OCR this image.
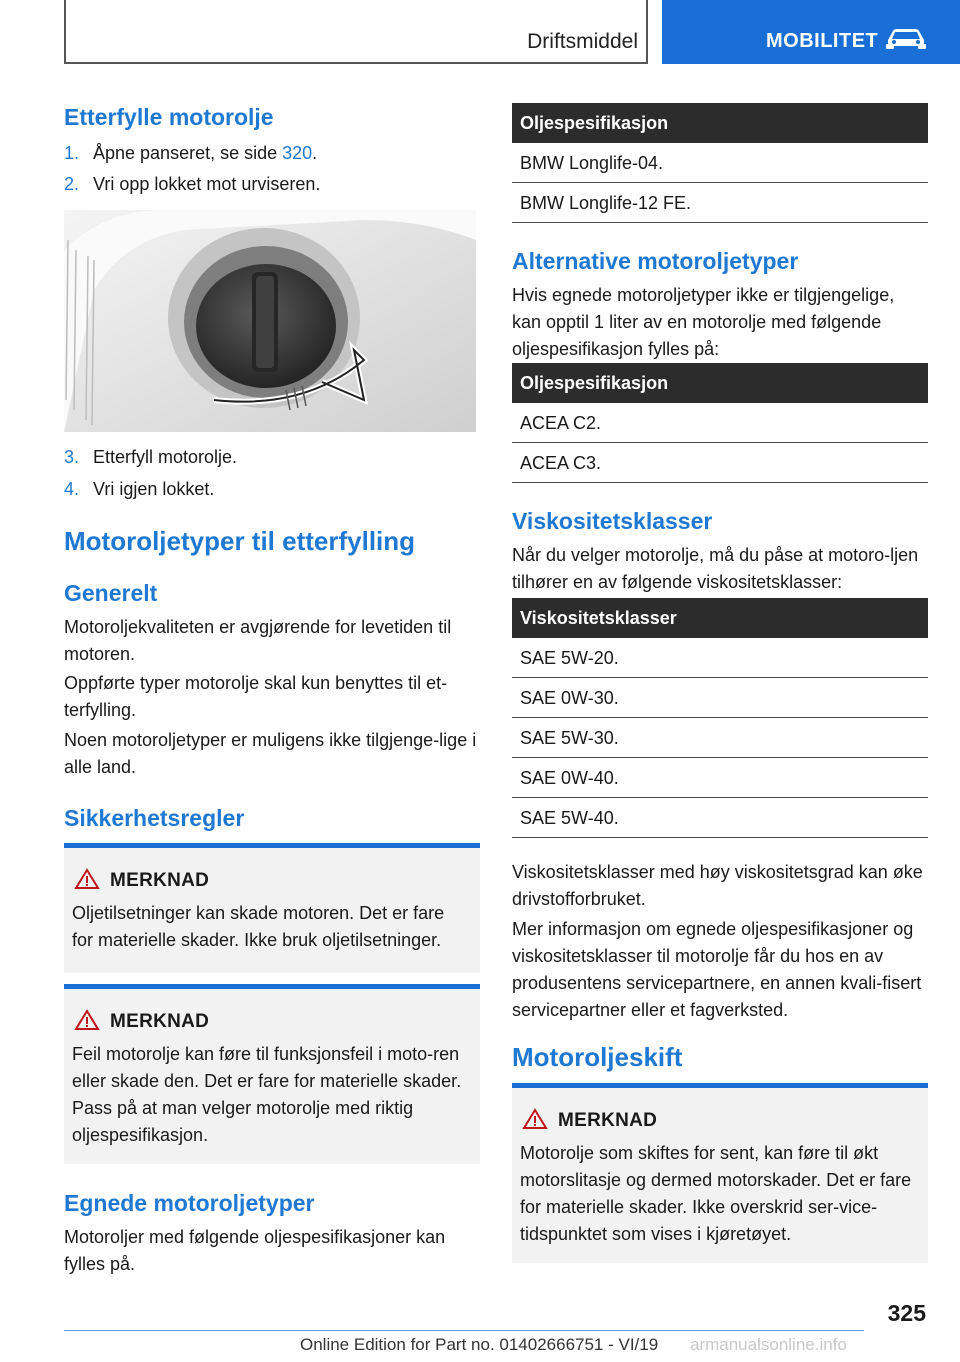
Driftsmiddel	MOBILITET
Etterfylle motorolje
1. Åpne panseret, se side 320.
2. Vri opp lokket mot urviseren.
3. Etterfyll motorolje.
4. Vri igjen lokket.
Motoroljetyper til etterfylling
Generelt

Motoroljekvaliteten er avgjørende for levetiden til motoren.

Oppførte typer motorolje skal kun benyttes til et-terfylling.

Noen motoroljetyper er muligens ikke tilgjenge-lige i alle land.

Sikkerhetsregler
MERKNAD
Oljetilsetninger kan skade motoren. Det er fare for materielle skader. Ikke bruk oljetilsetninger.
MERKNAD
Feil motorolje kan føre til funksjonsfeil i moto-ren eller skade den. Det er fare for materielle skader. Pass på at man velger motorolje med riktig oljespesifikasjon.
Egnede motoroljetyper

Motoroljer med følgende oljespesifikasjoner kan fylles på.

Oljespesifikasjon
BMW Longlife-04.
BMW Longlife-12 FE.
Alternative motoroljetyper

Hvis egnede motoroljetyper ikke er tilgjengelige, kan opptil 1 liter av en motorolje med følgende oljespesifikasjon fylles på:

Oljespesifikasjon
ACEA C2.
ACEA C3.
Viskositetsklasser

Når du velger motorolje, må du påse at motoro-ljen tilhører en av følgende viskositetsklasser:

Viskositetsklasser
SAE 5W-20.
SAE 0W-30.
SAE 5W-30.
SAE 0W-40.
SAE 5W-40.

Viskositetsklasser med høy viskositetsgrad kan øke drivstofforbruket.

Mer informasjon om egnede oljespesifikasjoner og viskositetsklasser til motorolje får du hos en av produsentens servicepartnere, en annen kvali-fisert servicepartner eller et fagverksted.

Motoroljeskift
MERKNAD
Motorolje som skiftes for sent, kan føre til økt motorslitasje og dermed motorskader. Det er fare for materielle skader. Ikke overskrid ser-vice-tidspunktet som vises i kjøretøyet.
325
Online Edition for Part no. 01402666751 - VI/19 armanualsonline.info
